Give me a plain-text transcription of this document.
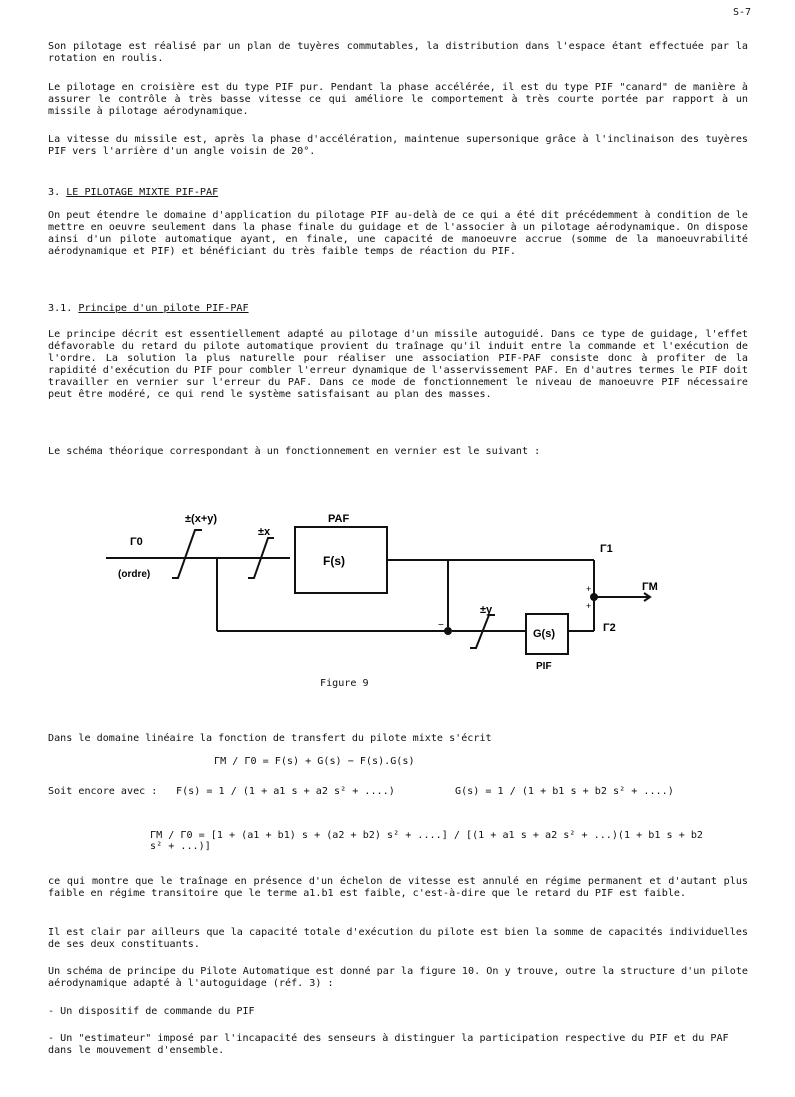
S-7

Son pilotage est réalisé par un plan de tuyères commutables, la distribution dans l'espace étant effectuée par la rotation en roulis.

Le pilotage en croisière est du type PIF pur. Pendant la phase accélérée, il est du type PIF "canard" de manière à assurer le contrôle à très basse vitesse ce qui améliore le comportement à très courte portée par rapport à un missile à pilotage aérodynamique.

La vitesse du missile est, après la phase d'accélération, maintenue supersonique grâce à l'inclinaison des tuyères PIF vers l'arrière d'un angle voisin de 20°.

3. LE PILOTAGE MIXTE PIF-PAF

On peut étendre le domaine d'application du pilotage PIF au-delà de ce qui a été dit précédemment à condition de le mettre en oeuvre seulement dans la phase finale du guidage et de l'associer à un pilotage aérodynamique. On dispose ainsi d'un pilote automatique ayant, en finale, une capacité de manoeuvre accrue (somme de la manoeuvrabilité aérodynamique et PIF) et bénéficiant du très faible temps de réaction du PIF.

3.1. Principe d'un pilote PIF-PAF

Le principe décrit est essentiellement adapté au pilotage d'un missile autoguidé. Dans ce type de guidage, l'effet défavorable du retard du pilote automatique provient du traînage qu'il induit entre la commande et l'exécution de l'ordre. La solution la plus naturelle pour réaliser une association PIF-PAF consiste donc à profiter de la rapidité d'exécution du PIF pour combler l'erreur dynamique de l'asservissement PAF. En d'autres termes le PIF doit travailler en vernier sur l'erreur du PAF. Dans ce mode de fonctionnement le niveau de manoeuvre PIF nécessaire peut être modéré, ce qui rend le système satisfaisant au plan des masses.

Le schéma théorique correspondant à un fonctionnement en vernier est le suivant :

Γ0
(ordre)
±(x+y)
±x
PAF
F(s)
±y
G(s)
PIF
Γ1
Γ2
ΓM
+
+
−
Figure 9

Dans le domaine linéaire la fonction de transfert du pilote mixte s'écrit

ΓM / Γ0 = F(s) + G(s) − F(s).G(s)
Soit encore avec : F(s) = 1 / (1 + a1 s + a2 s² + ....)	G(s) = 1 / (1 + b1 s + b2 s² + ....)
ΓM / Γ0 = [1 + (a1 + b1) s + (a2 + b2) s² + ....] / [(1 + a1 s + a2 s² + ...)(1 + b1 s + b2 s² + ...)]

ce qui montre que le traînage en présence d'un échelon de vitesse est annulé en régime permanent et d'autant plus faible en régime transitoire que le terme a1.b1 est faible, c'est-à-dire que le retard du PIF est faible.

Il est clair par ailleurs que la capacité totale d'exécution du pilote est bien la somme de capacités individuelles de ses deux constituants.

Un schéma de principe du Pilote Automatique est donné par la figure 10. On y trouve, outre la structure d'un pilote aérodynamique adapté à l'autoguidage (réf. 3) :

- Un dispositif de commande du PIF

- Un "estimateur" imposé par l'incapacité des senseurs à distinguer la participation respective du PIF et du PAF dans le mouvement d'ensemble.
